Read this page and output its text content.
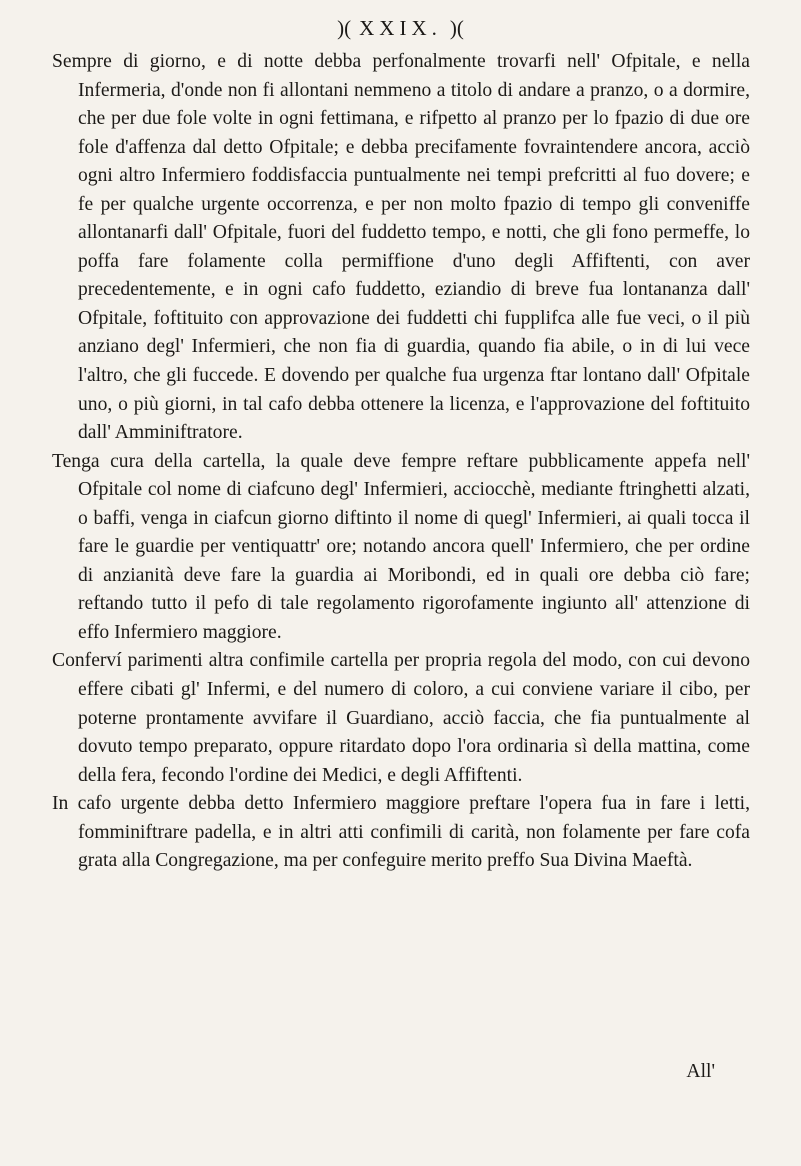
)( XXIX. )(

Sempre di giorno, e di notte debba perfonalmente trovarfi nell' Ofpitale, e nella Infermeria, d'onde non fi allontani nemmeno a titolo di andare a pranzo, o a dormire, che per due fole volte in ogni fettimana, e rifpetto al pranzo per lo fpazio di due ore fole d'affenza dal detto Ofpitale; e debba precifamente fovraintendere ancora, acciò ogni altro Infermiero foddisfaccia puntualmente nei tempi prefcritti al fuo dovere; e fe per qualche urgente occorrenza, e per non molto fpazio di tempo gli conveniffe allontanarfi dall' Ofpitale, fuori del fuddetto tempo, e notti, che gli fono permeffe, lo poffa fare folamente colla permiffione d'uno degli Affiftenti, con aver precedentemente, e in ogni cafo fuddetto, eziandio di breve fua lontananza dall' Ofpitale, foftituito con approvazione dei fuddetti chi fupplifca alle fue veci, o il più anziano degl' Infermieri, che non fia di guardia, quando fia abile, o in di lui vece l'altro, che gli fuccede. E dovendo per qualche fua urgenza ftar lontano dall' Ofpitale uno, o più giorni, in tal cafo debba ottenere la licenza, e l'approvazione del foftituito dall' Amminiftratore.

Tenga cura della cartella, la quale deve fempre reftare pubblicamente appefa nell' Ofpitale col nome di ciafcuno degl' Infermieri, acciocchè, mediante ftringhetti alzati, o baffi, venga in ciafcun giorno diftinto il nome di quegl' Infermieri, ai quali tocca il fare le guardie per ventiquattr' ore; notando ancora quell' Infermiero, che per ordine di anzianità deve fare la guardia ai Moribondi, ed in quali ore debba ciò fare; reftando tutto il pefo di tale regolamento rigorofamente ingiunto all' attenzione di effo Infermiero maggiore.

Conferví parimenti altra confimile cartella per propria regola del modo, con cui devono effere cibati gl' Infermi, e del numero di coloro, a cui conviene variare il cibo, per poterne prontamente avvifare il Guardiano, acciò faccia, che fia puntualmente al dovuto tempo preparato, oppure ritardato dopo l'ora ordinaria sì della mattina, come della fera, fecondo l'ordine dei Medici, e degli Affiftenti.

In cafo urgente debba detto Infermiero maggiore preftare l'opera fua in fare i letti, fomminiftrare padella, e in altri atti confimili di carità, non folamente per fare cofa grata alla Congregazione, ma per confeguire merito preffo Sua Divina Maeftà.

All'
